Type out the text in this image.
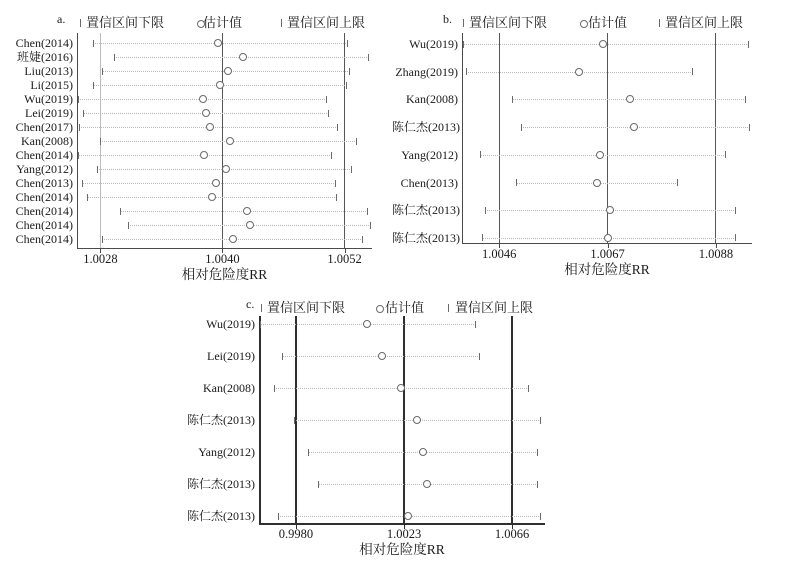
a. 置信区间下限	估计值	置信区间上限
1.0028	1.0040	1.0052
相对危险度RR
Chen(2014)
班婕(2016)
Liu(2013)
Li(2015)
Wu(2019)
Lei(2019)
Chen(2017)
Kan(2008)
Chen(2014)
Yang(2012)
Chen(2013)
Chen(2014)
Chen(2014)
Chen(2014)
Chen(2014)
b. 置信区间下限	估计值	置信区间上限
1.0046	1.0067	1.0088
相对危险度RR
Wu(2019)
Zhang(2019)
Kan(2008)
陈仁杰(2013)
Yang(2012)
Chen(2013)
陈仁杰(2013)
陈仁杰(2013)
c. 置信区间下限	估计值 置信区间上限
0.9980	1.0023	1.0066
相对危险度RR
Wu(2019)
Lei(2019)
Kan(2008)
陈仁杰(2013)
Yang(2012)
陈仁杰(2013)
陈仁杰(2013)
